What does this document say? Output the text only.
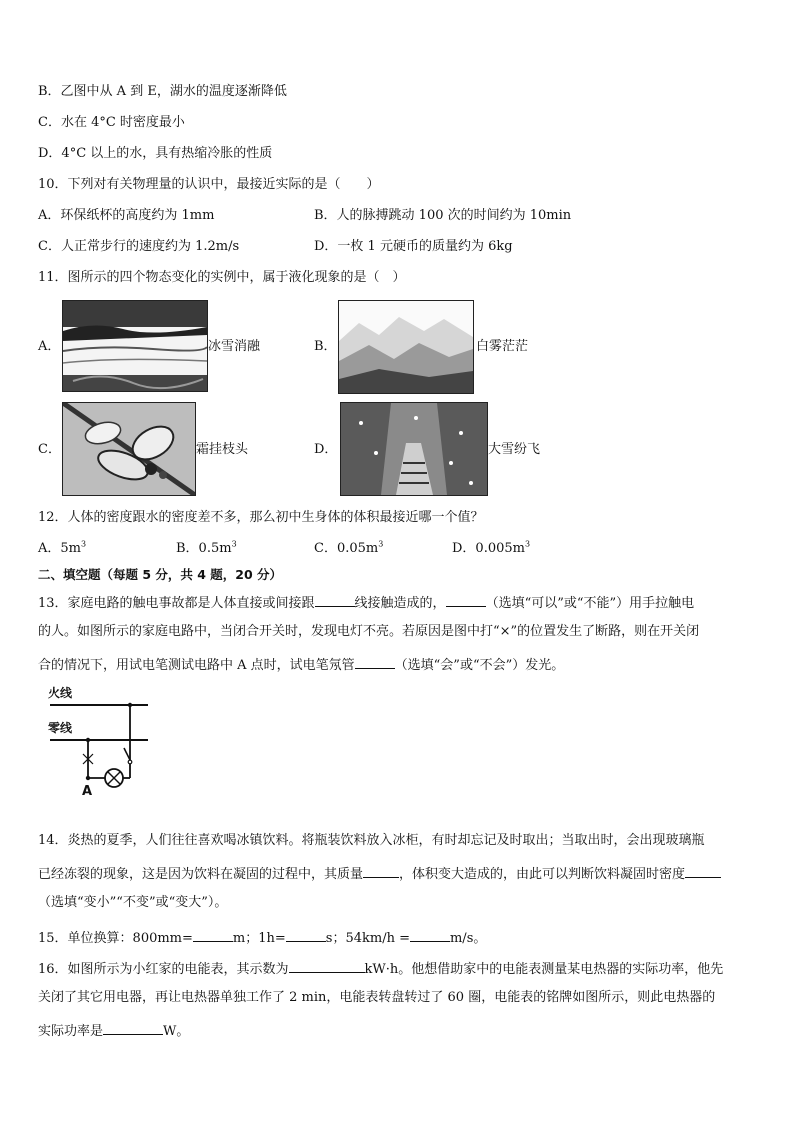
B．乙图中从 A 到 E，湖水的温度逐渐降低
C．水在 4°C 时密度最小
D．4°C 以上的水，具有热缩冷胀的性质
10．下列对有关物理量的认识中，最接近实际的是（　　）
A．环保纸杯的高度约为 1mm	B．人的脉搏跳动 100 次的时间约为 10min
C．人正常步行的速度约为 1.2m/s	D．一枚 1 元硬币的质量约为 6kg
11．图所示的四个物态变化的实例中，属于液化现象的是（　）
A．	冰雪消融	B．	白雾茫茫
C．	霜挂枝头	D．	大雪纷飞
12．人体的密度跟水的密度差不多，那么初中生身体的体积最接近哪一个值？
A．$5m^3$	B．$0.5m^3$	C．$0.05m^3$	D．$0.005m^3$
二、填空题（每题 5 分，共 4 题，20 分）
13．家庭电路的触电事故都是人体直接或间接跟	线接触造成的，	（选填“可以”或“不能”）用手拉触电
的人。如图所示的家庭电路中，当闭合开关时，发现电灯不亮。若原因是图中打“×”的位置发生了断路，则在开关闭
合的情况下，用试电笔测试电路中 A 点时，试电笔氖管	（选填“会”或“不会”）发光。
火线
零线
A
14．炎热的夏季，人们往往喜欢喝冰镇饮料。将瓶装饮料放入冰柜，有时却忘记及时取出；当取出时，会出现玻璃瓶
已经冻裂的现象，这是因为饮料在凝固的过程中，其质量	，体积变大造成的，由此可以判断饮料凝固时密度
（选填“变小”“不变”或“变大”）。
15．单位换算：800mm=	m；1h=	s；54km/h =	m/s。
16．如图所示为小红家的电能表，其示数为	kW·h。他想借助家中的电能表测量某电热器的实际功率，他先
关闭了其它用电器，再让电热器单独工作了 2 min，电能表转盘转过了 60 圈，电能表的铭牌如图所示，则此电热器的
实际功率是	W。
